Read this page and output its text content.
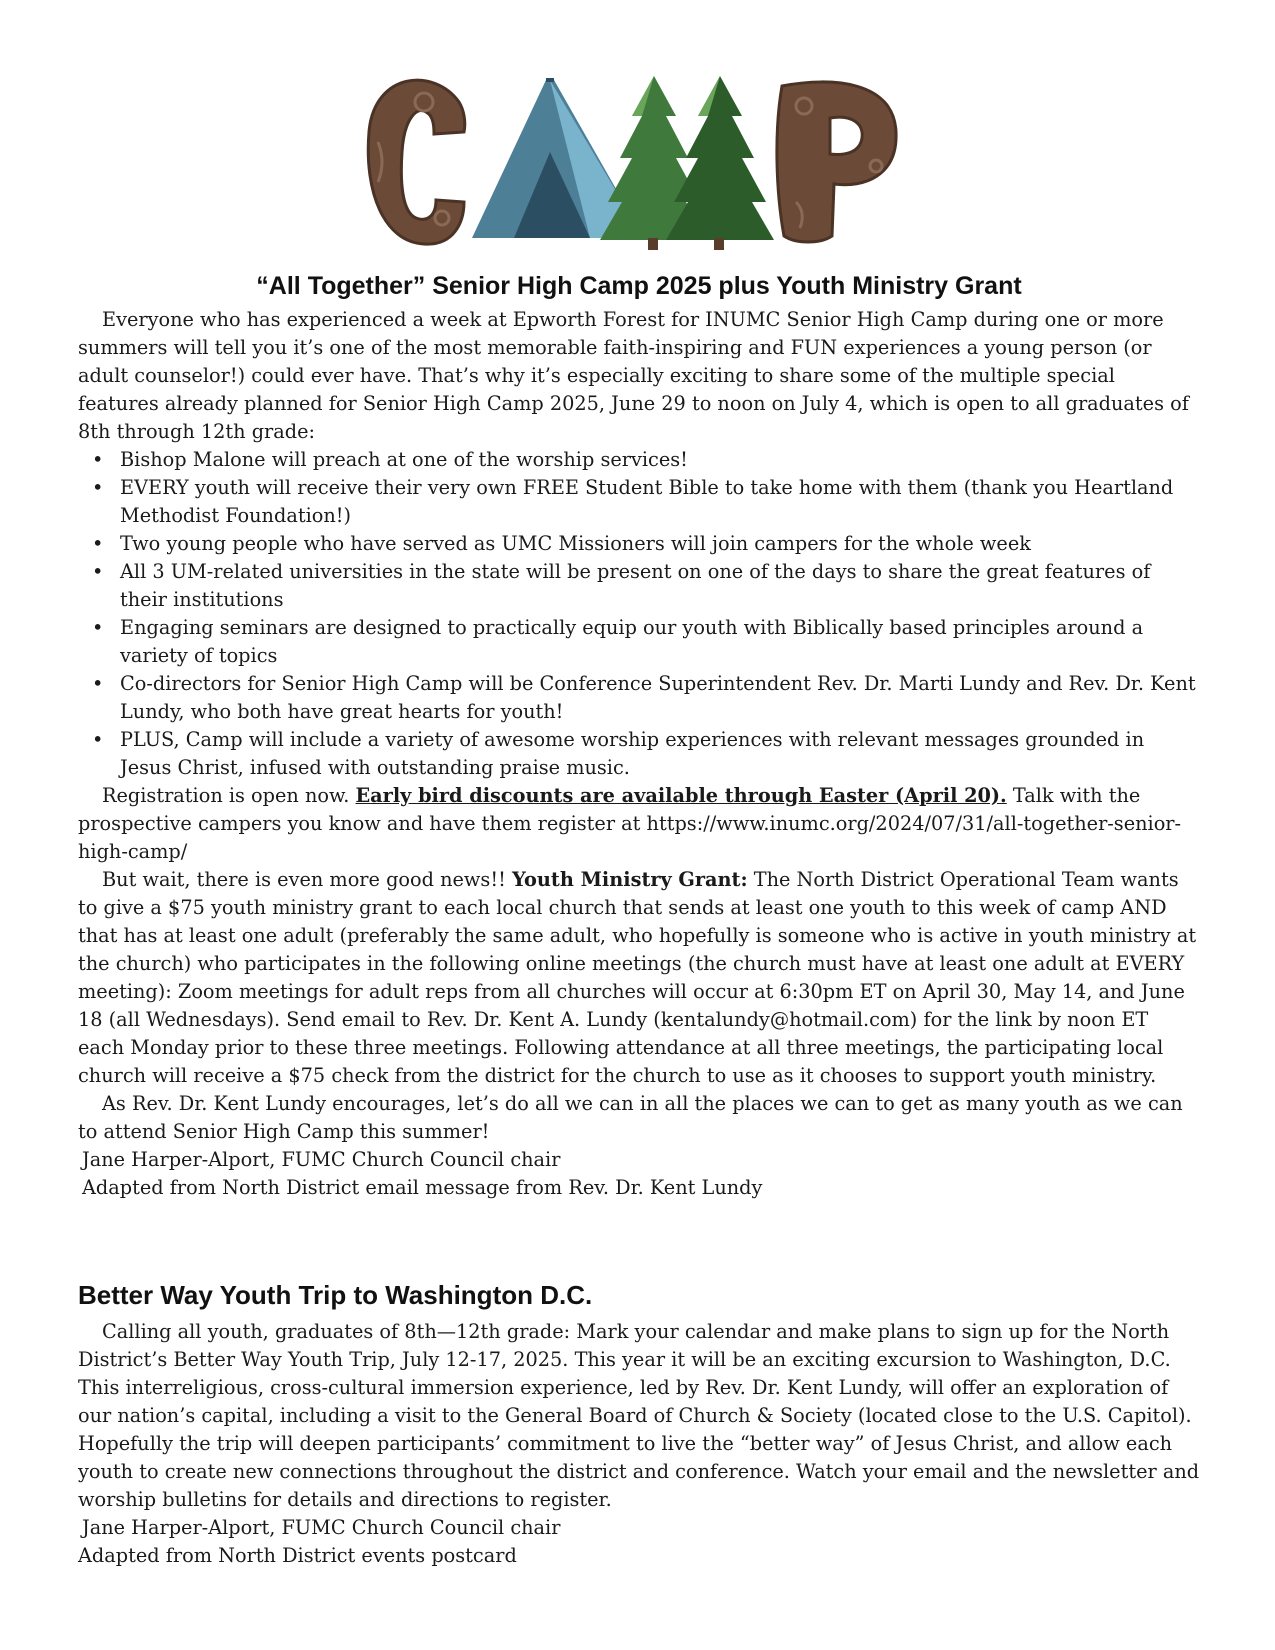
“All Together” Senior High Camp 2025 plus Youth Ministry Grant

Everyone who has experienced a week at Epworth Forest for INUMC Senior High Camp during one or more summers will tell you it’s one of the most memorable faith-inspiring and FUN experiences a young person (or adult counselor!) could ever have. That’s why it’s especially exciting to share some of the multiple special features already planned for Senior High Camp 2025, June 29 to noon on July 4, which is open to all graduates of 8th through 12th grade:

• Bishop Malone will preach at one of the worship services!
• EVERY youth will receive their very own FREE Student Bible to take home with them (thank you Heartland Methodist Foundation!)
• Two young people who have served as UMC Missioners will join campers for the whole week
• All 3 UM-related universities in the state will be present on one of the days to share the great features of their institutions
• Engaging seminars are designed to practically equip our youth with Biblically based principles around a variety of topics
• Co-directors for Senior High Camp will be Conference Superintendent Rev. Dr. Marti Lundy and Rev. Dr. Kent Lundy, who both have great hearts for youth!
• PLUS, Camp will include a variety of awesome worship experiences with relevant messages grounded in Jesus Christ, infused with outstanding praise music.

Registration is open now. Early bird discounts are available through Easter (April 20). Talk with the prospective campers you know and have them register at https://www.inumc.org/2024/07/31/all-together-senior-high-camp/

But wait, there is even more good news!! Youth Ministry Grant: The North District Operational Team wants to give a $75 youth ministry grant to each local church that sends at least one youth to this week of camp AND that has at least one adult (preferably the same adult, who hopefully is someone who is active in youth ministry at the church) who participates in the following online meetings (the church must have at least one adult at EVERY meeting): Zoom meetings for adult reps from all churches will occur at 6:30pm ET on April 30, May 14, and June 18 (all Wednesdays). Send email to Rev. Dr. Kent A. Lundy (kentalundy@hotmail.com) for the link by noon ET each Monday prior to these three meetings. Following attendance at all three meetings, the participating local church will receive a $75 check from the district for the church to use as it chooses to support youth ministry.

As Rev. Dr. Kent Lundy encourages, let’s do all we can in all the places we can to get as many youth as we can to attend Senior High Camp this summer!

Jane Harper-Alport, FUMC Church Council chair

Adapted from North District email message from Rev. Dr. Kent Lundy

Better Way Youth Trip to Washington D.C.

Calling all youth, graduates of 8th—12th grade: Mark your calendar and make plans to sign up for the North District’s Better Way Youth Trip, July 12-17, 2025. This year it will be an exciting excursion to Washington, D.C. This interreligious, cross-cultural immersion experience, led by Rev. Dr. Kent Lundy, will offer an exploration of our nation’s capital, including a visit to the General Board of Church & Society (located close to the U.S. Capitol). Hopefully the trip will deepen participants’ commitment to live the “better way” of Jesus Christ, and allow each youth to create new connections throughout the district and conference. Watch your email and the newsletter and worship bulletins for details and directions to register.

Jane Harper-Alport, FUMC Church Council chair

Adapted from North District events postcard
